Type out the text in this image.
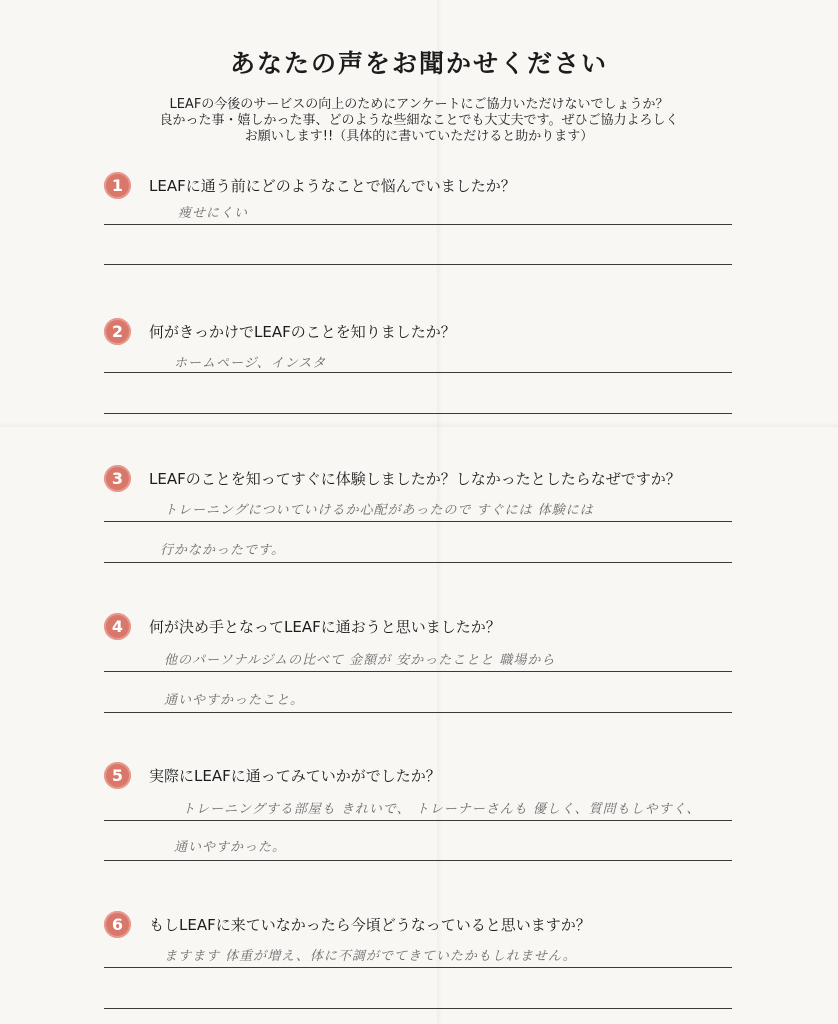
あなたの声をお聞かせください
LEAFの今後のサービスの向上のためにアンケートにご協力いただけないでしょうか？
良かった事・嬉しかった事、どのような些細なことでも大丈夫です。ぜひご協力よろしく
お願いします!!（具体的に書いていただけると助かります）
1	LEAFに通う前にどのようなことで悩んでいましたか？
痩せにくい
2	何がきっかけでLEAFのことを知りましたか？
ホームページ、インスタ
3	LEAFのことを知ってすぐに体験しましたか？しなかったとしたらなぜですか？
トレーニングについていけるか心配があったので すぐには 体験には
行かなかったです。
4	何が決め手となってLEAFに通おうと思いましたか？
他のパーソナルジムの比べて 金額が 安かったことと 職場から
通いやすかったこと。
5	実際にLEAFに通ってみていかがでしたか？
トレーニングする部屋も きれいで、 トレーナーさんも 優しく、質問もしやすく、
通いやすかった。
6	もしLEAFに来ていなかったら今頃どうなっていると思いますか？
ますます 体重が増え、体に不調がでてきていたかもしれません。
